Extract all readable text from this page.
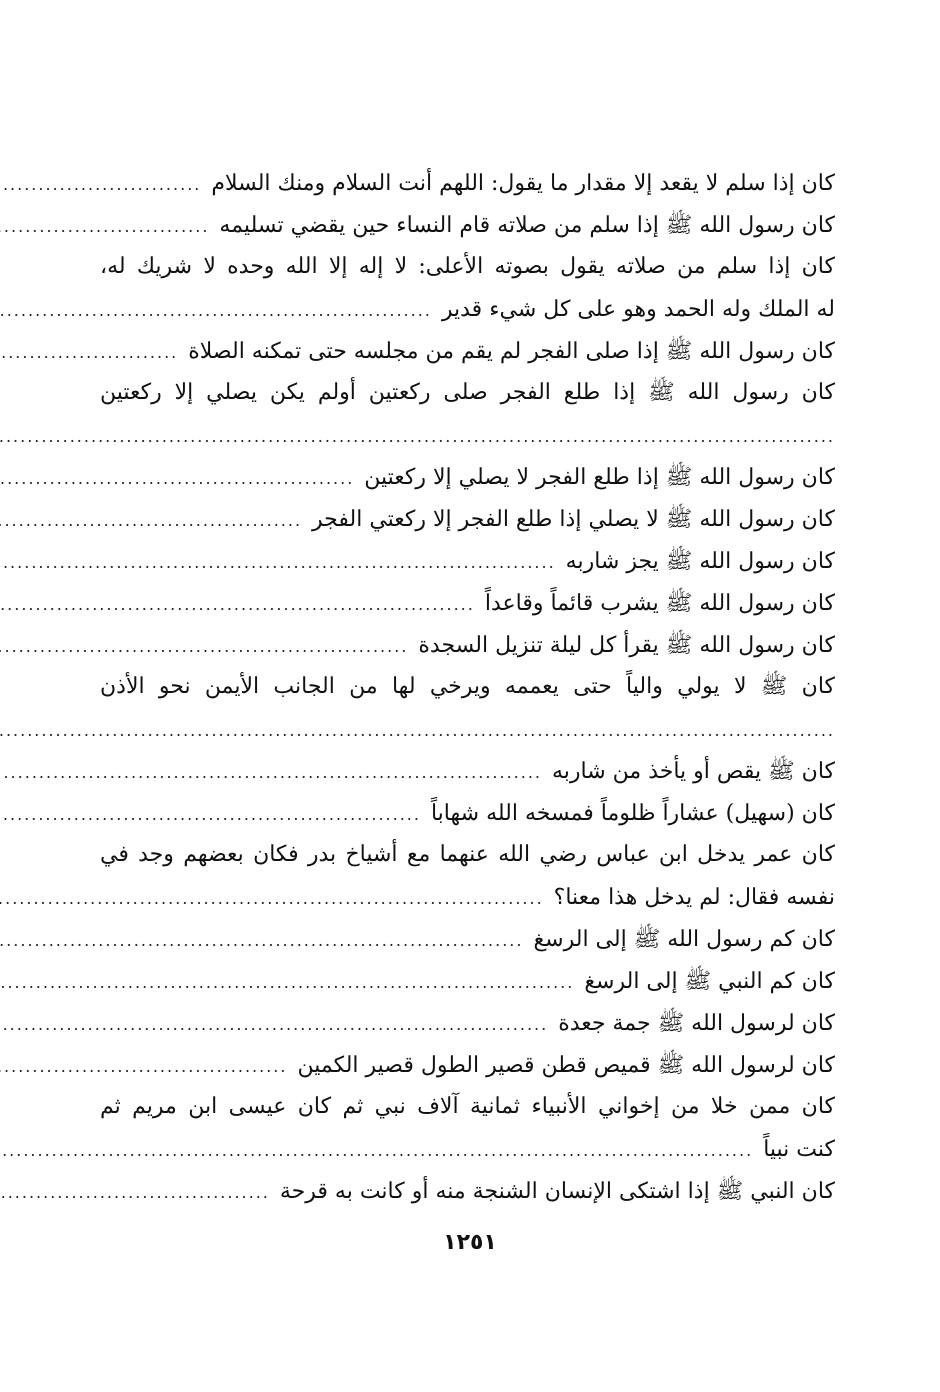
كان إذا سلم لا يقعد إلا مقدار ما يقول: اللهم أنت السلام ومنك السلام
.....
كان رسول الله ﷺ إذا سلم من صلاته قام النساء حين يقضي تسليمه
.....
كان إذا سلم من صلاته يقول بصوته الأعلى: لا إله إلا الله وحده لا شريك له،
له الملك وله الحمد وهو على كل شيء قدير
.....
كان رسول الله ﷺ إذا صلى الفجر لم يقم من مجلسه حتى تمكنه الصلاة
.....
كان رسول الله ﷺ إذا طلع الفجر صلى ركعتين أولم يكن يصلي إلا ركعتين
.....
كان رسول الله ﷺ إذا طلع الفجر لا يصلي إلا ركعتين
.....
كان رسول الله ﷺ لا يصلي إذا طلع الفجر إلا ركعتي الفجر
.....
كان رسول الله ﷺ يجز شاربه
.....
كان رسول الله ﷺ يشرب قائماً وقاعداً
.....
كان رسول الله ﷺ يقرأ كل ليلة تنزيل السجدة
.....
كان ﷺ لا يولي والياً حتى يعممه ويرخي لها من الجانب الأيمن نحو الأذن
.....
كان ﷺ يقص أو يأخذ من شاربه
.....
كان (سهيل) عشاراً ظلوماً فمسخه الله شهاباً
.....
كان عمر يدخل ابن عباس رضي الله عنهما مع أشياخ بدر فكان بعضهم وجد في
نفسه فقال: لم يدخل هذا معنا؟
.....
كان كم رسول الله ﷺ إلى الرسغ
.....
كان كم النبي ﷺ إلى الرسغ
.....
كان لرسول الله ﷺ جمة جعدة
.....
كان لرسول الله ﷺ قميص قطن قصير الطول قصير الكمين
.....
كان ممن خلا من إخواني الأنبياء ثمانية آلاف نبي ثم كان عيسى ابن مريم ثم
كنت نبياً
.....
كان النبي ﷺ إذا اشتكى الإنسان الشنجة منه أو كانت به قرحة
.....
١٢٥١
